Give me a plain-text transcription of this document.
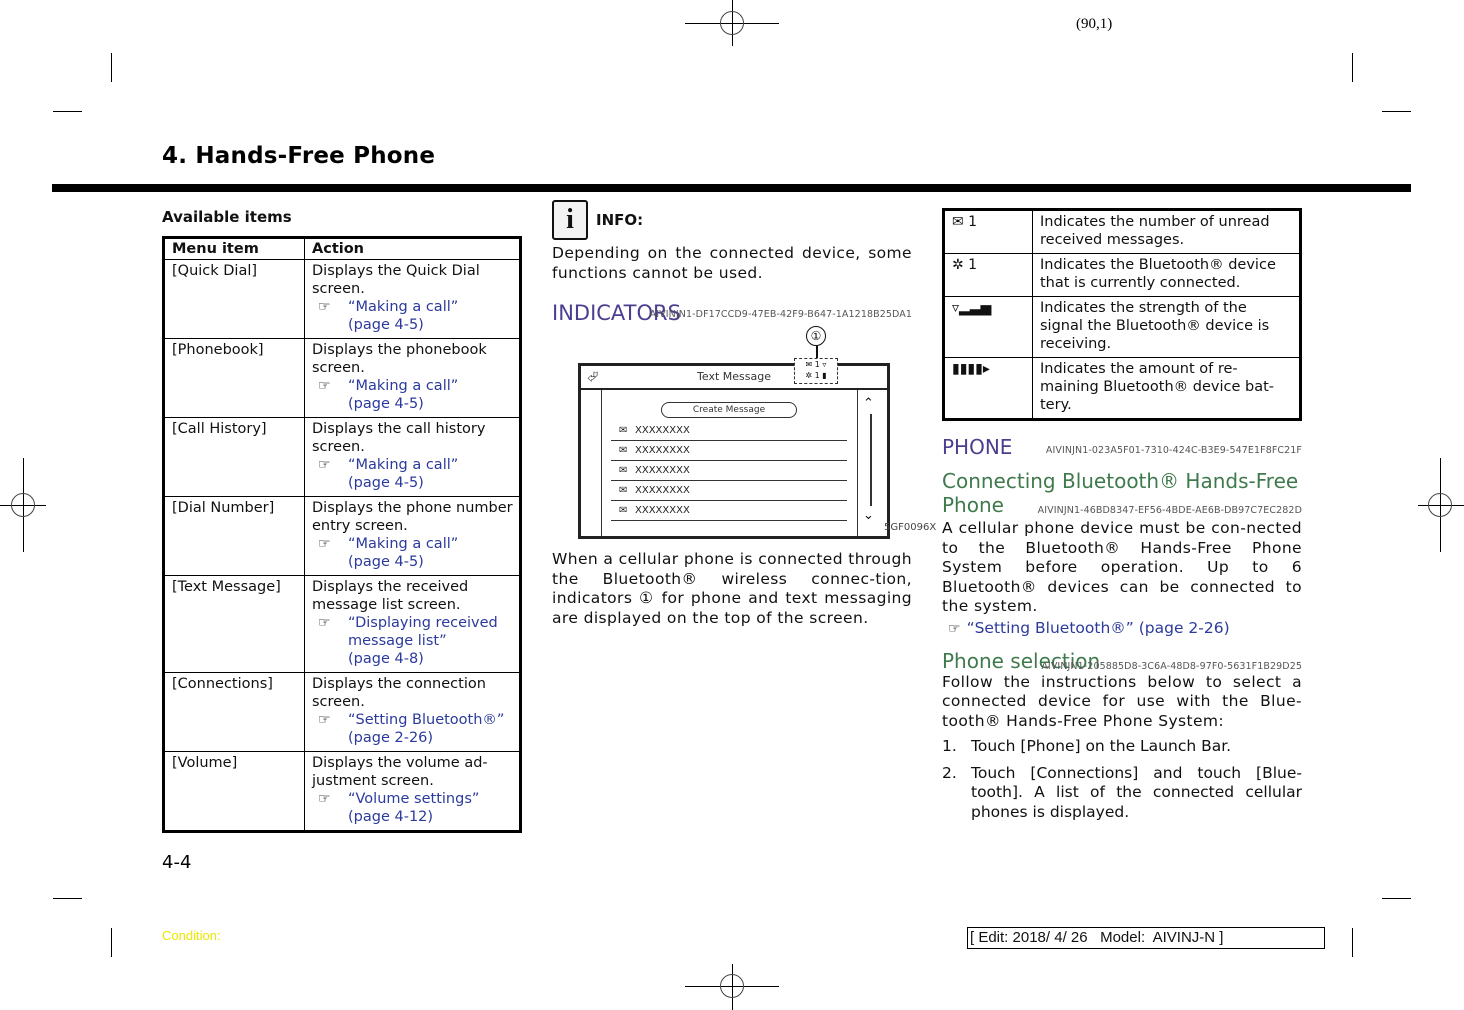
(90,1)
4. Hands-Free Phone
Available items
Menu item	Action
[Quick Dial]	Displays the Quick Dial screen.
☞ “Making a call”
(page 4-5)

[Phonebook]	Displays the phonebook screen.
☞ “Making a call”
(page 4-5)

[Call History]	Displays the call history screen.
☞ “Making a call”
(page 4-5)

[Dial Number]	Displays the phone number entry screen.
☞ “Making a call”
(page 4-5)

[Text Message]	Displays the received message list screen.
☞ “Displaying received message list”
(page 4-8)

[Connections]	Displays the connection screen.
☞ “Setting Bluetooth®”
(page 2-26)

[Volume]	Displays the volume ad-justment screen.
☞ “Volume settings”
(page 4-12)
i	INFO:
Depending on the connected device, some functions cannot be used.
INDICATORS
AIVINJN1-DF17CCD9-47EB-42F9-B647-1A1218B25DA1
①
Text Message
⮰
Create Message
✉ XXXXXXXX
✉ XXXXXXXX
✉ XXXXXXXX
✉ XXXXXXXX
✉ XXXXXXXX
⌃
⌄
✉ 1 ▿
✲ 1 ▮
5GF0096X
When a cellular phone is connected through the Bluetooth® wireless connec-tion, indicators ① for phone and text messaging are displayed on the top of the screen.
✉ 1	Indicates the number of unread received messages.
✲ 1	Indicates the Bluetooth® device that is currently connected.
▿▂▃▅	Indicates the strength of the signal the Bluetooth® device is receiving.
▮▮▮▮▸	Indicates the amount of re-maining Bluetooth® device bat-tery.
PHONE	AIVINJN1-023A5F01-7310-424C-B3E9-547E1F8FC21F
Connecting Bluetooth® Hands-Free Phone	AIVINJN1-46BD8347-EF56-4BDE-AE6B-DB97C7EC282D
A cellular phone device must be con-nected to the Bluetooth® Hands-Free Phone System before operation. Up to 6 Bluetooth® devices can be connected to the system.
☞ “Setting Bluetooth®” (page 2-26)
Phone selection
AIVINJN1-205885D8-3C6A-48D8-97F0-5631F1B29D25
Follow the instructions below to select a connected device for use with the Blue-tooth® Hands-Free Phone System:
1. Touch [Phone] on the Launch Bar.
2. Touch [Connections] and touch [Blue-tooth]. A list of the connected cellular phones is displayed.
4-4
Condition:	[ Edit: 2018/ 4/ 26   Model:  AIVINJ-N ]
